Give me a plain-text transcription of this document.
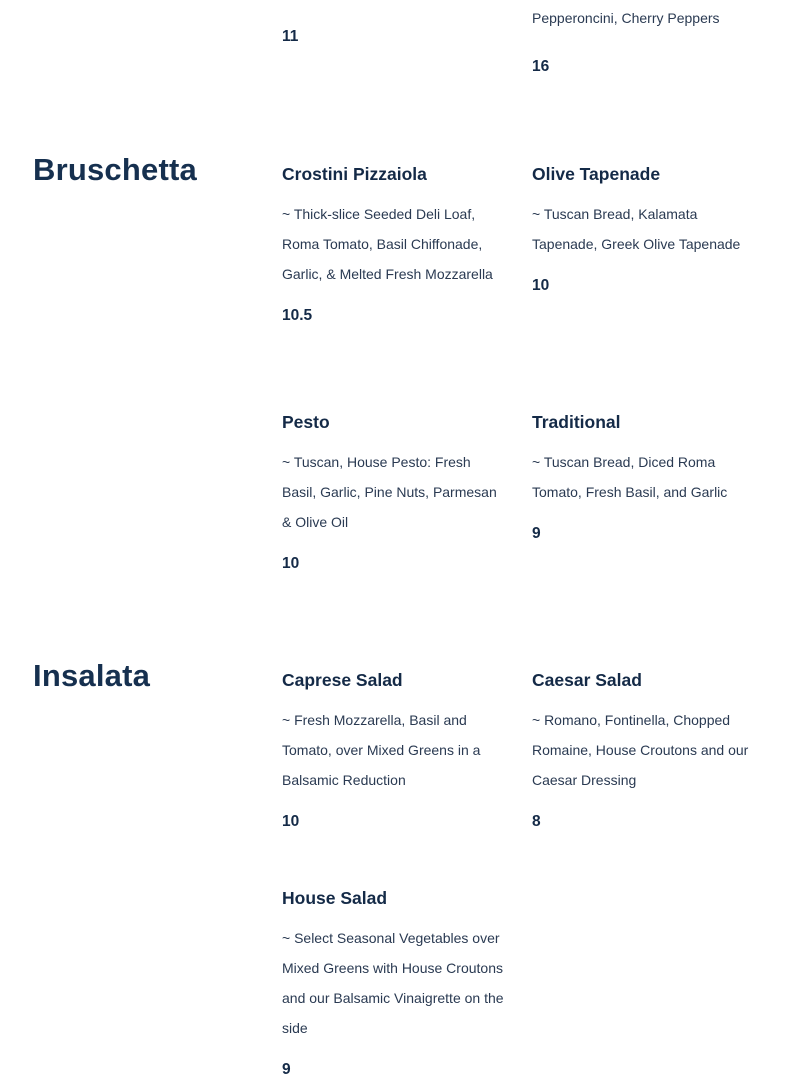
11
Pepperoncini, Cherry Peppers
16
Bruschetta	Crostini Pizzaiola
~ Thick-slice Seeded Deli Loaf, Roma Tomato, Basil Chiffonade, Garlic, & Melted Fresh Mozzarella
10.5
Olive Tapenade
~ Tuscan Bread, Kalamata Tapenade, Greek Olive Tapenade
10
Pesto
~ Tuscan, House Pesto: Fresh Basil, Garlic, Pine Nuts, Parmesan & Olive Oil
10
Traditional
~ Tuscan Bread, Diced Roma Tomato, Fresh Basil, and Garlic
9
Insalata	Caprese Salad
~ Fresh Mozzarella, Basil and Tomato, over Mixed Greens in a Balsamic Reduction
10
Caesar Salad
~ Romano, Fontinella, Chopped Romaine, House Croutons and our Caesar Dressing
8
House Salad
~ Select Seasonal Vegetables over Mixed Greens with House Croutons and our Balsamic Vinaigrette on the side
9
